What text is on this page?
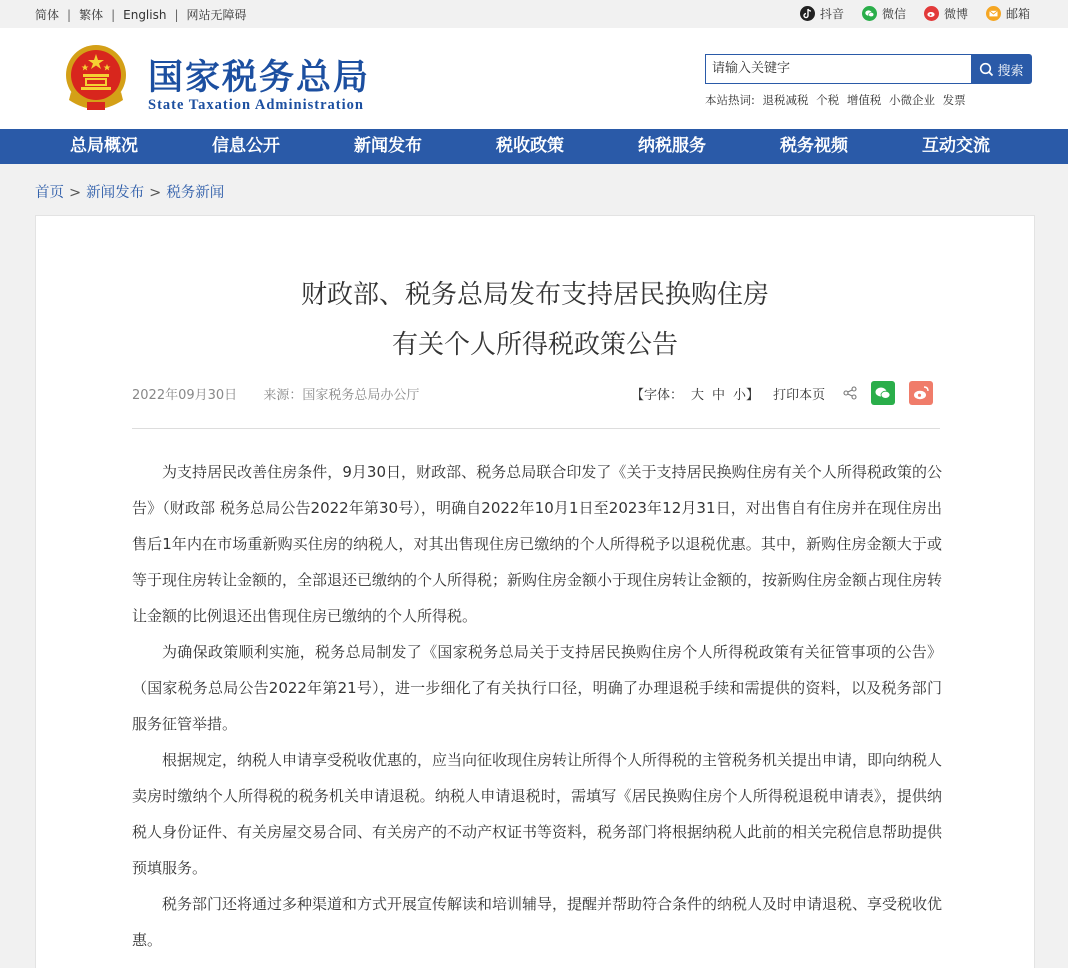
简体 | 繁体 | English | 网站无障碍	抖音	微信	微博	邮箱
国家税务总局
State Taxation Administration
请输入关键字	搜索
本站热词: 退税减税 个税 增值税 小微企业 发票
总局概况	信息公开	新闻发布	税收政策	纳税服务	税务视频	互动交流
首页 > 新闻发布 > 税务新闻
财政部、税务总局发布支持居民换购住房
有关个人所得税政策公告
2022年09月30日 来源：国家税务总局办公厅	【字体： 大 中 小】 打印本页

为支持居民改善住房条件，9月30日，财政部、税务总局联合印发了《关于支持居民换购住房有关个人所得税政策的公告》（财政部 税务总局公告2022年第30号），明确自2022年10月1日至2023年12月31日，对出售自有住房并在现住房出售后1年内在市场重新购买住房的纳税人，对其出售现住房已缴纳的个人所得税予以退税优惠。其中，新购住房金额大于或等于现住房转让金额的，全部退还已缴纳的个人所得税；新购住房金额小于现住房转让金额的，按新购住房金额占现住房转让金额的比例退还出售现住房已缴纳的个人所得税。

为确保政策顺利实施，税务总局制发了《国家税务总局关于支持居民换购住房个人所得税政策有关征管事项的公告》（国家税务总局公告2022年第21号），进一步细化了有关执行口径，明确了办理退税手续和需提供的资料，以及税务部门服务征管举措。

根据规定，纳税人申请享受税收优惠的，应当向征收现住房转让所得个人所得税的主管税务机关提出申请，即向纳税人卖房时缴纳个人所得税的税务机关申请退税。纳税人申请退税时，需填写《居民换购住房个人所得税退税申请表》，提供纳税人身份证件、有关房屋交易合同、有关房产的不动产权证书等资料，税务部门将根据纳税人此前的相关完税信息帮助提供预填服务。

税务部门还将通过多种渠道和方式开展宣传解读和培训辅导，提醒并帮助符合条件的纳税人及时申请退税、享受税收优惠。
